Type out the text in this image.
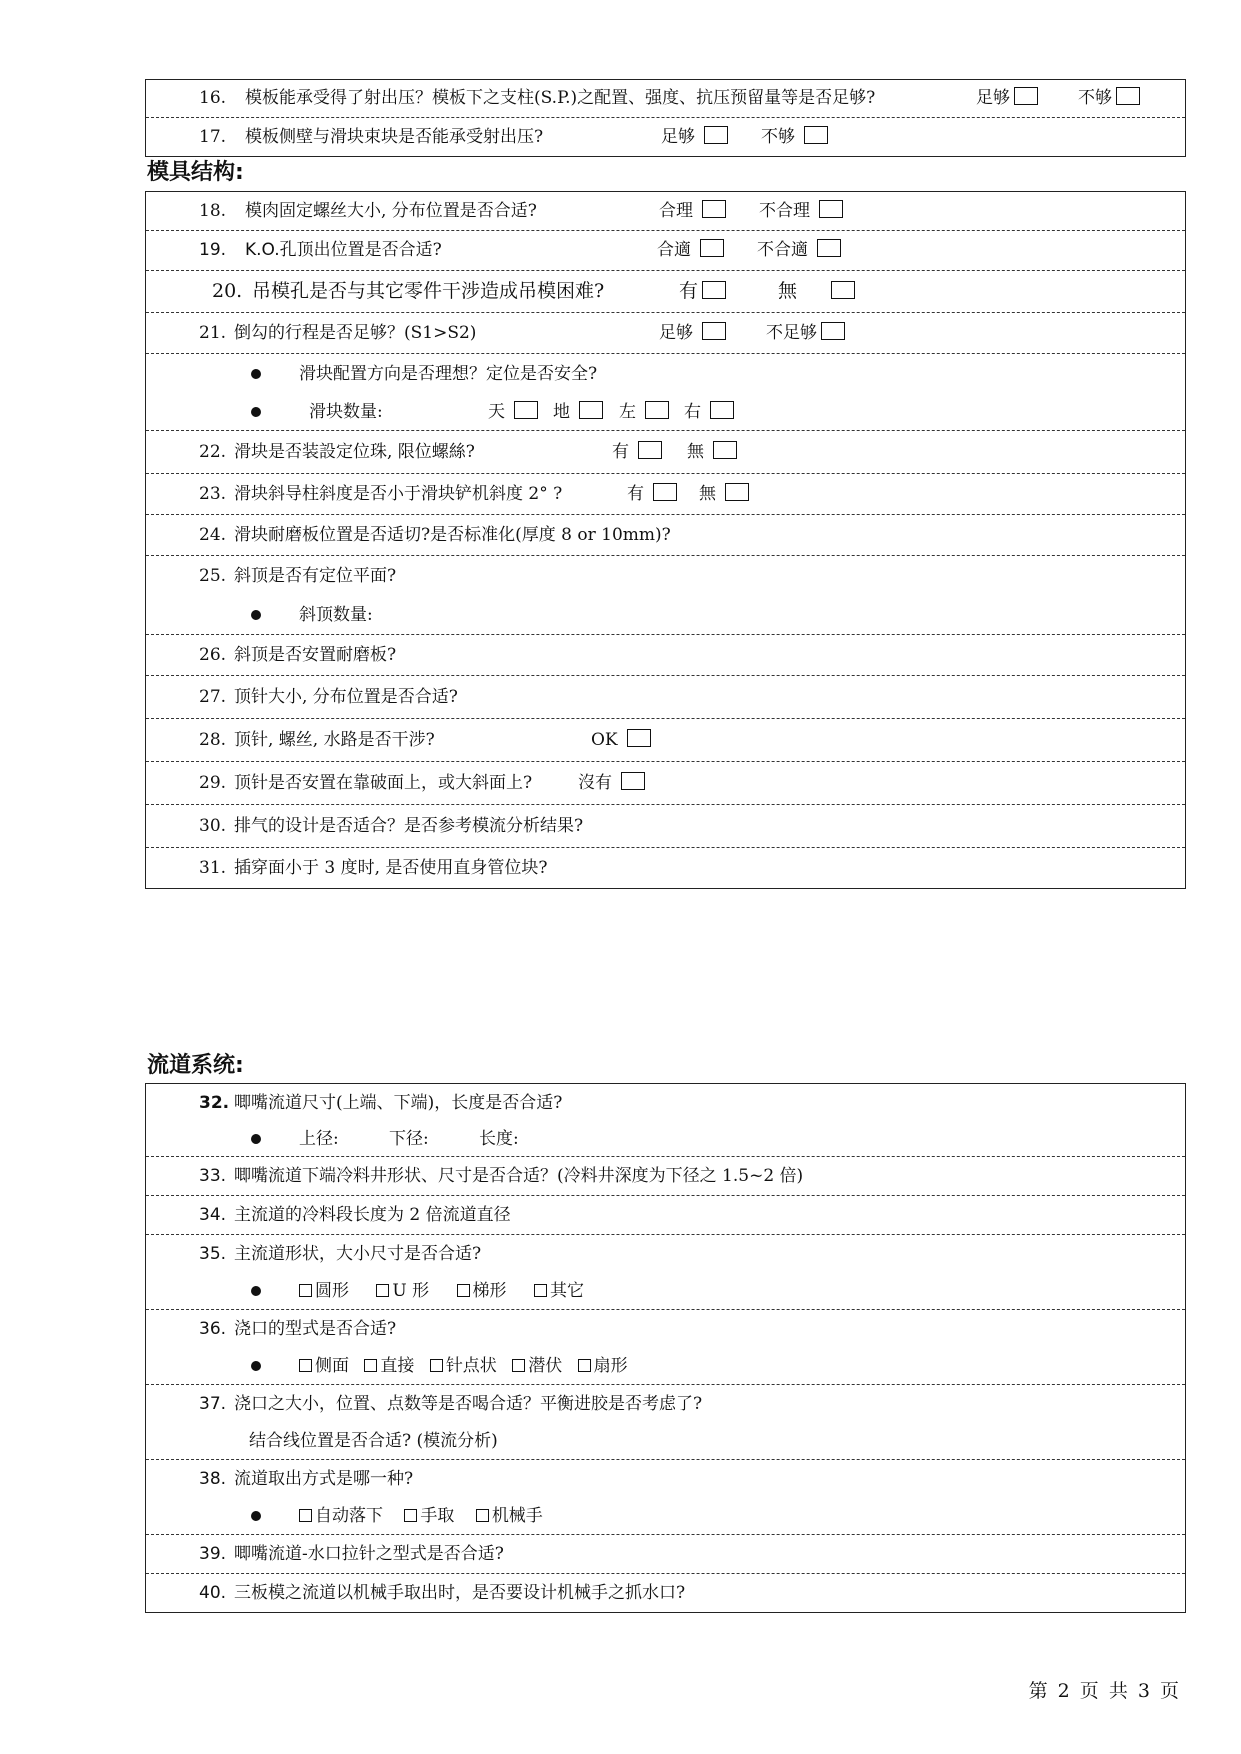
16. 模板能承受得了射出压？模板下之支柱(S.P.)之配置、强度、抗压预留量等是否足够?	足够	不够
17. 模板侧壁与滑块束块是否能承受射出压?	足够	不够
模具结构:
18. 模肉固定螺丝大小, 分布位置是否合适?	合理	不合理
19. K.O.孔顶出位置是否合适?	合適	不合適
20. 吊模孔是否与其它零件干涉造成吊模困难?	有	無
21. 倒勾的行程是否足够？(S1>S2)	足够	不足够
滑块配置方向是否理想？定位是否安全?
滑块数量:	天	地	左	右
22. 滑块是否装設定位珠, 限位螺絲?	有	無
23. 滑块斜导柱斜度是否小于滑块铲机斜度 2° ?	有	無
24. 滑块耐磨板位置是否适切?是否标准化(厚度 8 or 10mm)?
25. 斜顶是否有定位平面?
斜顶数量:
26. 斜顶是否安置耐磨板?
27. 顶针大小, 分布位置是否合适?
28. 顶针, 螺丝, 水路是否干涉?	OK
29. 顶针是否安置在靠破面上，或大斜面上?	沒有
30. 排气的设计是否适合？是否参考模流分析结果?
31. 插穿面小于 3 度时, 是否使用直身管位块?
流道系统:
32. 唧嘴流道尺寸(上端、下端)，长度是否合适?
上径:	下径:	长度:
33. 唧嘴流道下端冷料井形状、尺寸是否合适？(冷料井深度为下径之 1.5~2 倍)
34. 主流道的冷料段长度为 2 倍流道直径
35. 主流道形状，大小尺寸是否合适?
圆形	U 形	梯形	其它
36. 浇口的型式是否合适?
侧面 直接 针点状 潜伏 扇形
37. 浇口之大小，位置、点数等是否喝合适？平衡进胶是否考虑了?
结合线位置是否合适? (模流分析)
38. 流道取出方式是哪一种?
自动落下 手取 机械手
39. 唧嘴流道-水口拉针之型式是否合适?
40. 三板模之流道以机械手取出时，是否要设计机械手之抓水口?
第 2 页 共 3 页
